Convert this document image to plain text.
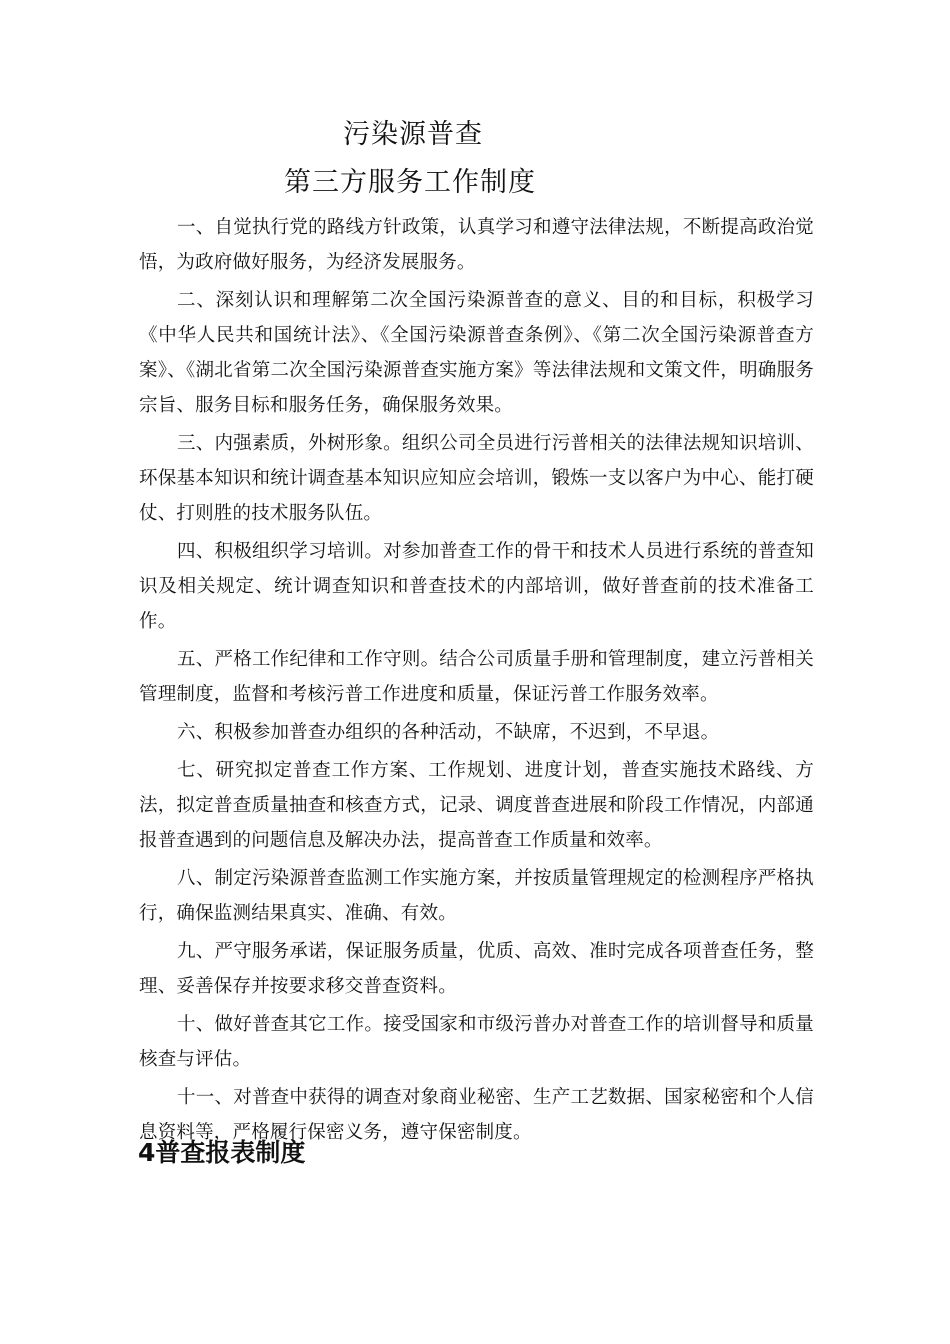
污染源普查
第三方服务工作制度

一、自觉执行党的路线方针政策，认真学习和遵守法律法规，不断提高政治觉悟，为政府做好服务，为经济发展服务。

二、深刻认识和理解第二次全国污染源普查的意义、目的和目标，积极学习《中华人民共和国统计法》、《全国污染源普查条例》、《第二次全国污染源普查方案》、《湖北省第二次全国污染源普查实施方案》等法律法规和文策文件，明确服务宗旨、服务目标和服务任务，确保服务效果。

三、内强素质，外树形象。组织公司全员进行污普相关的法律法规知识培训、环保基本知识和统计调查基本知识应知应会培训，锻炼一支以客户为中心、能打硬仗、打则胜的技术服务队伍。

四、积极组织学习培训。对参加普查工作的骨干和技术人员进行系统的普查知识及相关规定、统计调查知识和普查技术的内部培训，做好普查前的技术准备工作。

五、严格工作纪律和工作守则。结合公司质量手册和管理制度，建立污普相关管理制度，监督和考核污普工作进度和质量，保证污普工作服务效率。

六、积极参加普查办组织的各种活动，不缺席，不迟到，不早退。

七、研究拟定普查工作方案、工作规划、进度计划，普查实施技术路线、方法，拟定普查质量抽查和核查方式，记录、调度普查进展和阶段工作情况，内部通报普查遇到的问题信息及解决办法，提高普查工作质量和效率。

八、制定污染源普查监测工作实施方案，并按质量管理规定的检测程序严格执行，确保监测结果真实、准确、有效。

九、严守服务承诺，保证服务质量，优质、高效、准时完成各项普查任务，整理、妥善保存并按要求移交普查资料。

十、做好普查其它工作。接受国家和市级污普办对普查工作的培训督导和质量核查与评估。

十一、对普查中获得的调查对象商业秘密、生产工艺数据、国家秘密和个人信息资料等，严格履行保密义务，遵守保密制度。

4普查报表制度
